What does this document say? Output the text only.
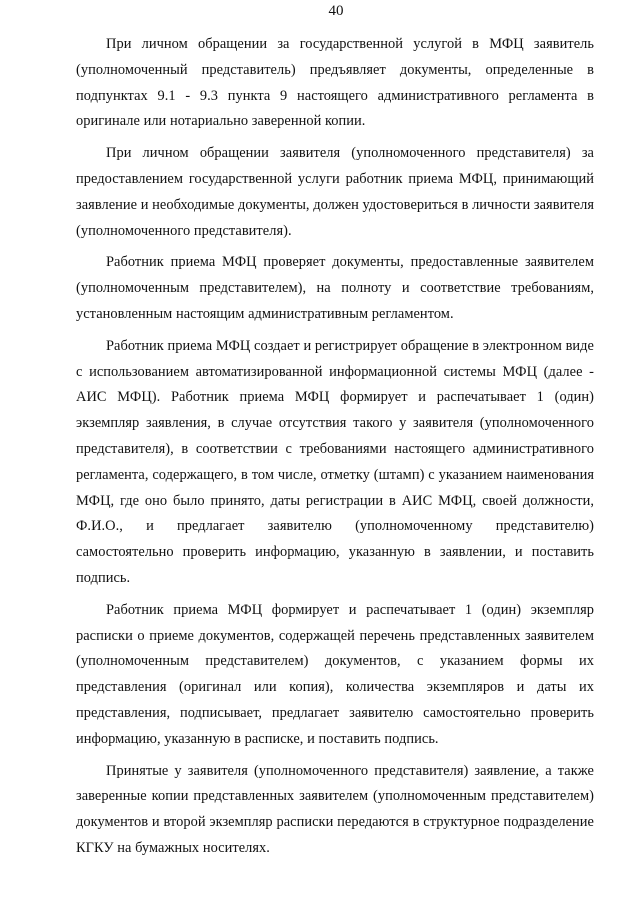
40

При личном обращении за государственной услугой в МФЦ заявитель (уполномоченный представитель) предъявляет документы, определенные в подпунктах 9.1 - 9.3 пункта 9 настоящего административного регламента в оригинале или нотариально заверенной копии.

При личном обращении заявителя (уполномоченного представителя) за предоставлением государственной услуги работник приема МФЦ, принимающий заявление и необходимые документы, должен удостовериться в личности заявителя (уполномоченного представителя).

Работник приема МФЦ проверяет документы, предоставленные заявителем (уполномоченным представителем), на полноту и соответствие требованиям, установленным настоящим административным регламентом.

Работник приема МФЦ создает и регистрирует обращение в электронном виде с использованием автоматизированной информационной системы МФЦ (далее - АИС МФЦ). Работник приема МФЦ формирует и распечатывает 1 (один) экземпляр заявления, в случае отсутствия такого у заявителя (уполномоченного представителя), в соответствии с требованиями настоящего административного регламента, содержащего, в том числе, отметку (штамп) с указанием наименования МФЦ, где оно было принято, даты регистрации в АИС МФЦ, своей должности, Ф.И.О., и предлагает заявителю (уполномоченному представителю) самостоятельно проверить информацию, указанную в заявлении, и поставить подпись.

Работник приема МФЦ формирует и распечатывает 1 (один) экземпляр расписки о приеме документов, содержащей перечень представленных заявителем (уполномоченным представителем) документов, с указанием формы их представления (оригинал или копия), количества экземпляров и даты их представления, подписывает, предлагает заявителю самостоятельно проверить информацию, указанную в расписке, и поставить подпись.

Принятые у заявителя (уполномоченного представителя) заявление, а также заверенные копии представленных заявителем (уполномоченным представителем) документов и второй экземпляр расписки передаются в структурное подразделение КГКУ на бумажных носителях.
